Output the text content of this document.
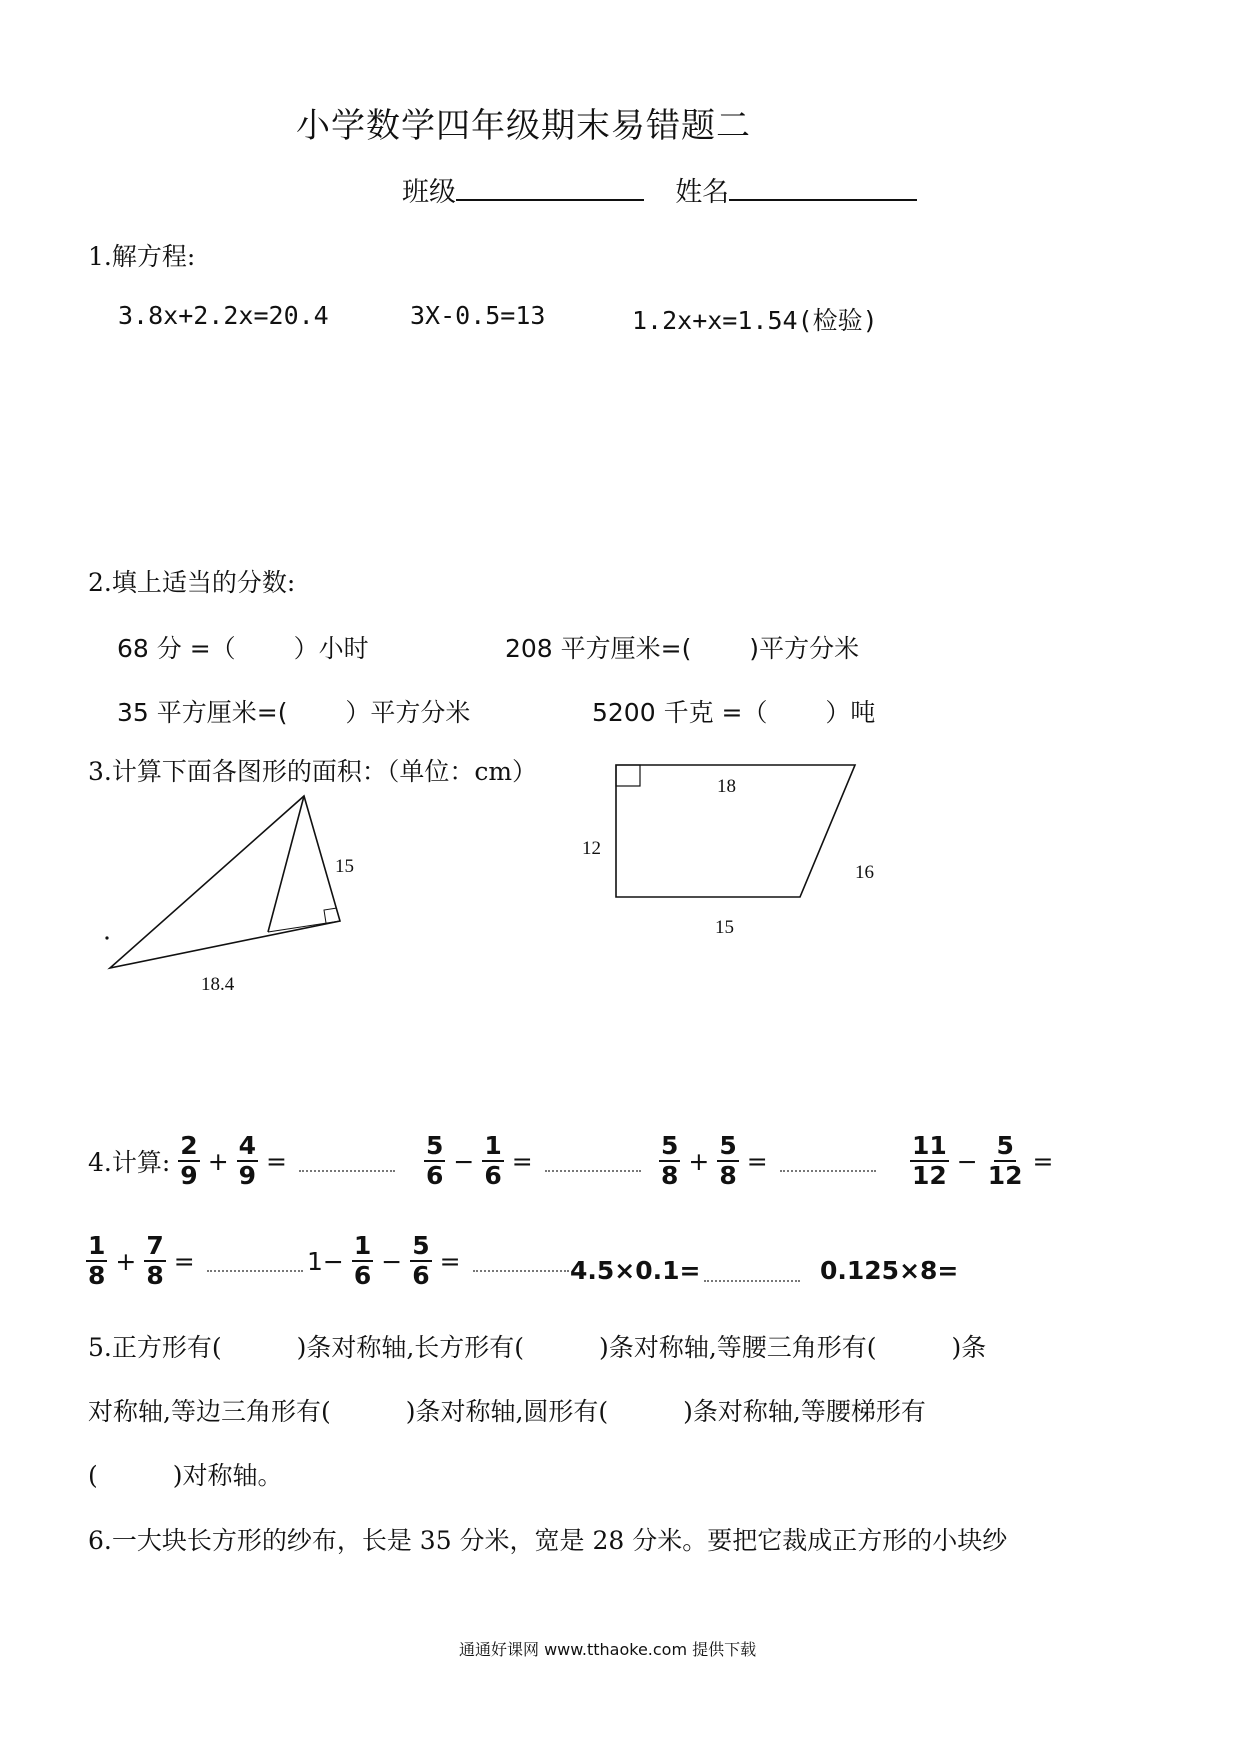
小学数学四年级期末易错题二
班级	姓名
1.解方程:
3.8x+2.2x=20.4	3X-0.5=13	1.2x+x=1.54(检验)
2.填上适当的分数:
68 分 =（　　 ）小时	208 平方厘米=(　　 )平方分米
35 平方厘米=(　　 ）平方分米	5200 千克 =（　　 ）吨
3.计算下面各图形的面积：（单位：cm）
15
18.4
18
12
16
15
4.计算: $\frac{2}{9} + \frac{4}{9}$ =	$\frac{5}{6} - \frac{1}{6}$ =	$\frac{5}{8} + \frac{5}{8}$ =	$\frac{11}{12} - \frac{5}{12}$ =
$\frac{1}{8} + \frac{7}{8}$ =	$1- \frac{1}{6} - \frac{5}{6}$ =	4.5×0.1=	0.125×8=
5.正方形有(　　　)条对称轴,长方形有(　　　)条对称轴,等腰三角形有(　　　)条
对称轴,等边三角形有(　　　)条对称轴,圆形有(　　　)条对称轴,等腰梯形有
(　　　)对称轴。
6.一大块长方形的纱布，长是 35 分米，宽是 28 分米。要把它裁成正方形的小块纱
通通好课网 www.tthaoke.com 提供下载
